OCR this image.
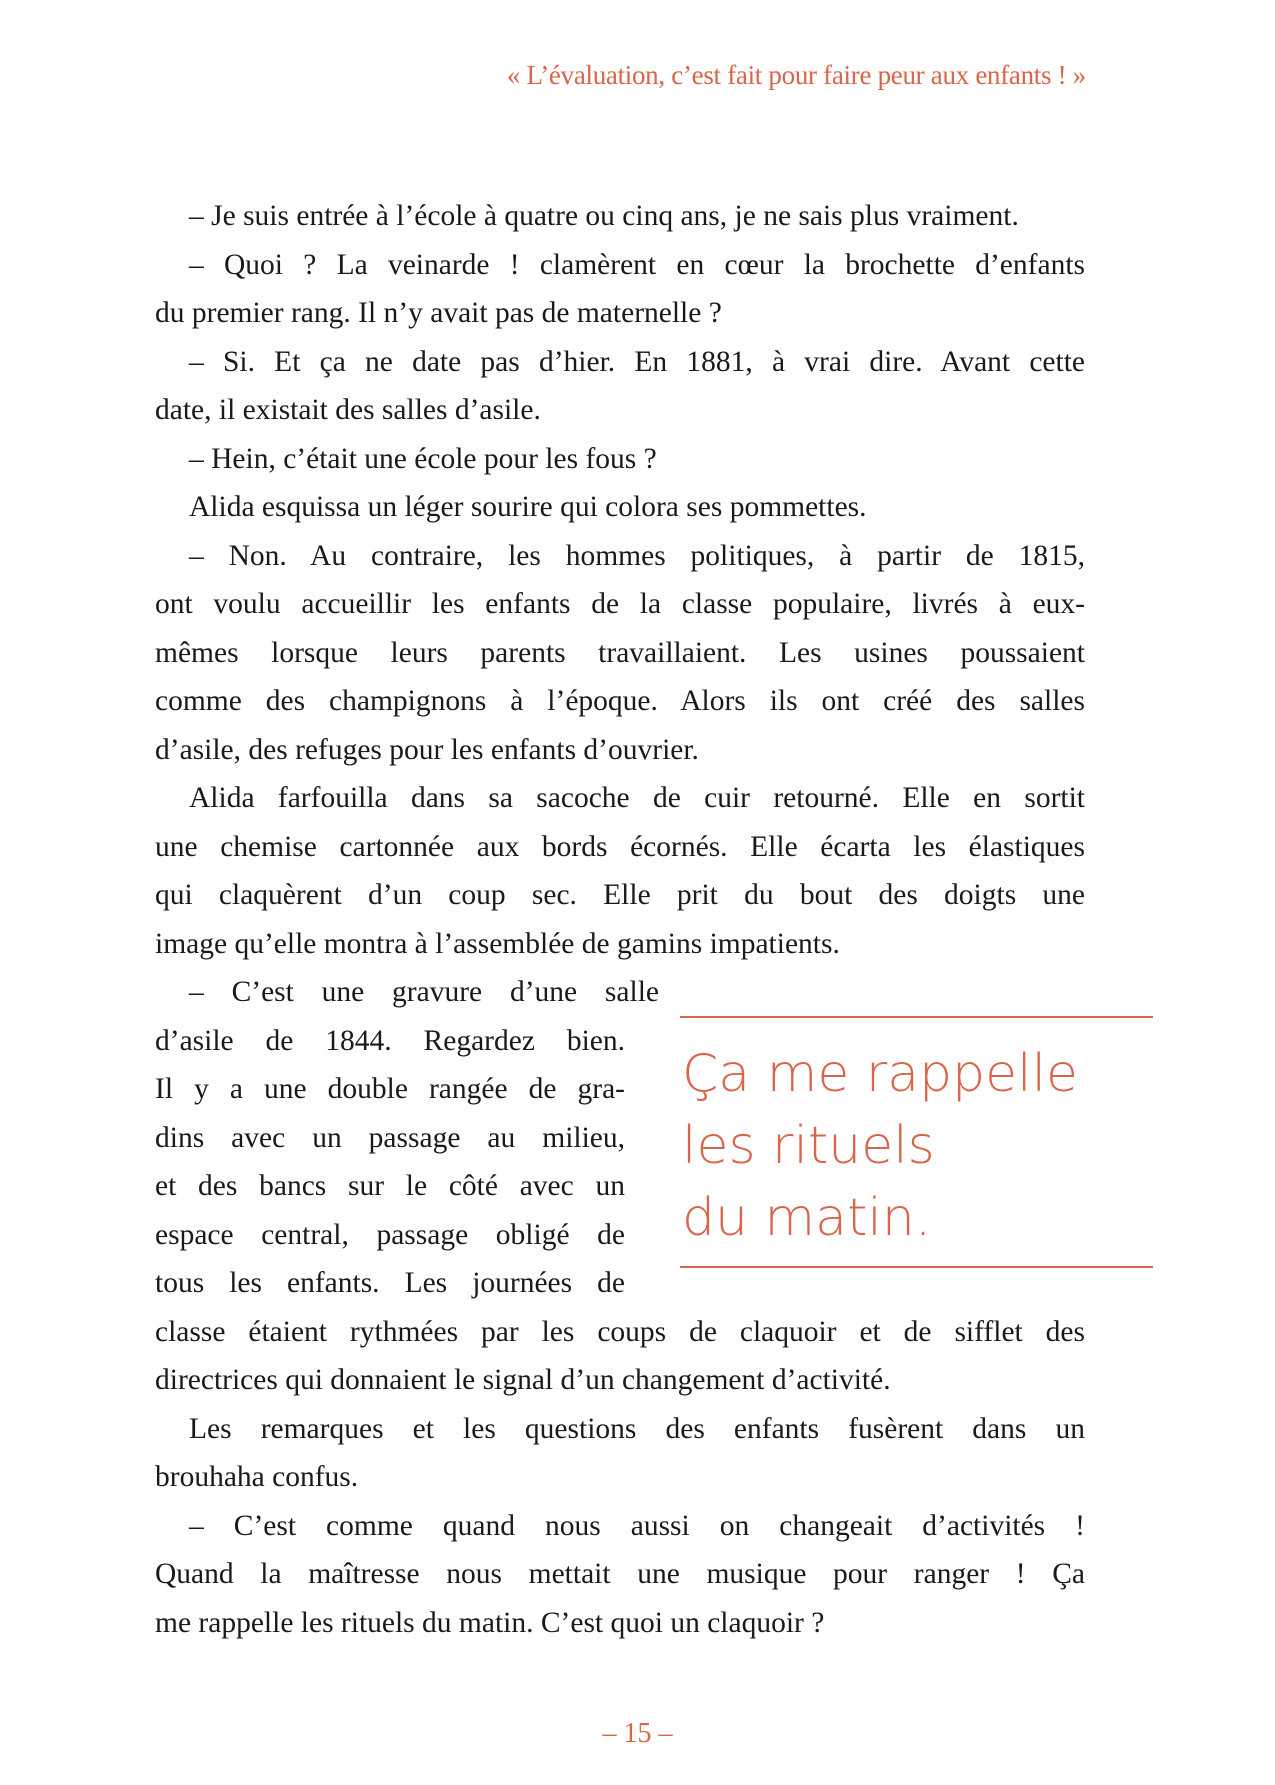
« L’évaluation, c’est fait pour faire peur aux enfants ! »
– Je suis entrée à l’école à quatre ou cinq ans, je ne sais plus vraiment.
– Quoi ? La veinarde ! clamèrent en cœur la brochette d’enfants
du premier rang. Il n’y avait pas de maternelle ?
– Si. Et ça ne date pas d’hier. En 1881, à vrai dire. Avant cette
date, il existait des salles d’asile.
– Hein, c’était une école pour les fous ?
Alida esquissa un léger sourire qui colora ses pommettes.
– Non. Au contraire, les hommes politiques, à partir de 1815,
ont voulu accueillir les enfants de la classe populaire, livrés à eux-
mêmes lorsque leurs parents travaillaient. Les usines poussaient
comme des champignons à l’époque. Alors ils ont créé des salles
d’asile, des refuges pour les enfants d’ouvrier.
Alida farfouilla dans sa sacoche de cuir retourné. Elle en sortit
une chemise cartonnée aux bords écornés. Elle écarta les élastiques
qui claquèrent d’un coup sec. Elle prit du bout des doigts une
image qu’elle montra à l’assemblée de gamins impatients.
– C’est une gravure d’une salle
d’asile de 1844. Regardez bien.
Il y a une double rangée de gra-
dins avec un passage au milieu,
et des bancs sur le côté avec un
espace central, passage obligé de
tous les enfants. Les journées de
classe étaient rythmées par les coups de claquoir et de sifflet des
directrices qui donnaient le signal d’un changement d’activité.
Les remarques et les questions des enfants fusèrent dans un
brouhaha confus.
– C’est comme quand nous aussi on changeait d’activités !
Quand la maîtresse nous mettait une musique pour ranger ! Ça
me rappelle les rituels du matin. C’est quoi un claquoir ?
Ça me rappelle
les rituels
du matin.
– 15 –
